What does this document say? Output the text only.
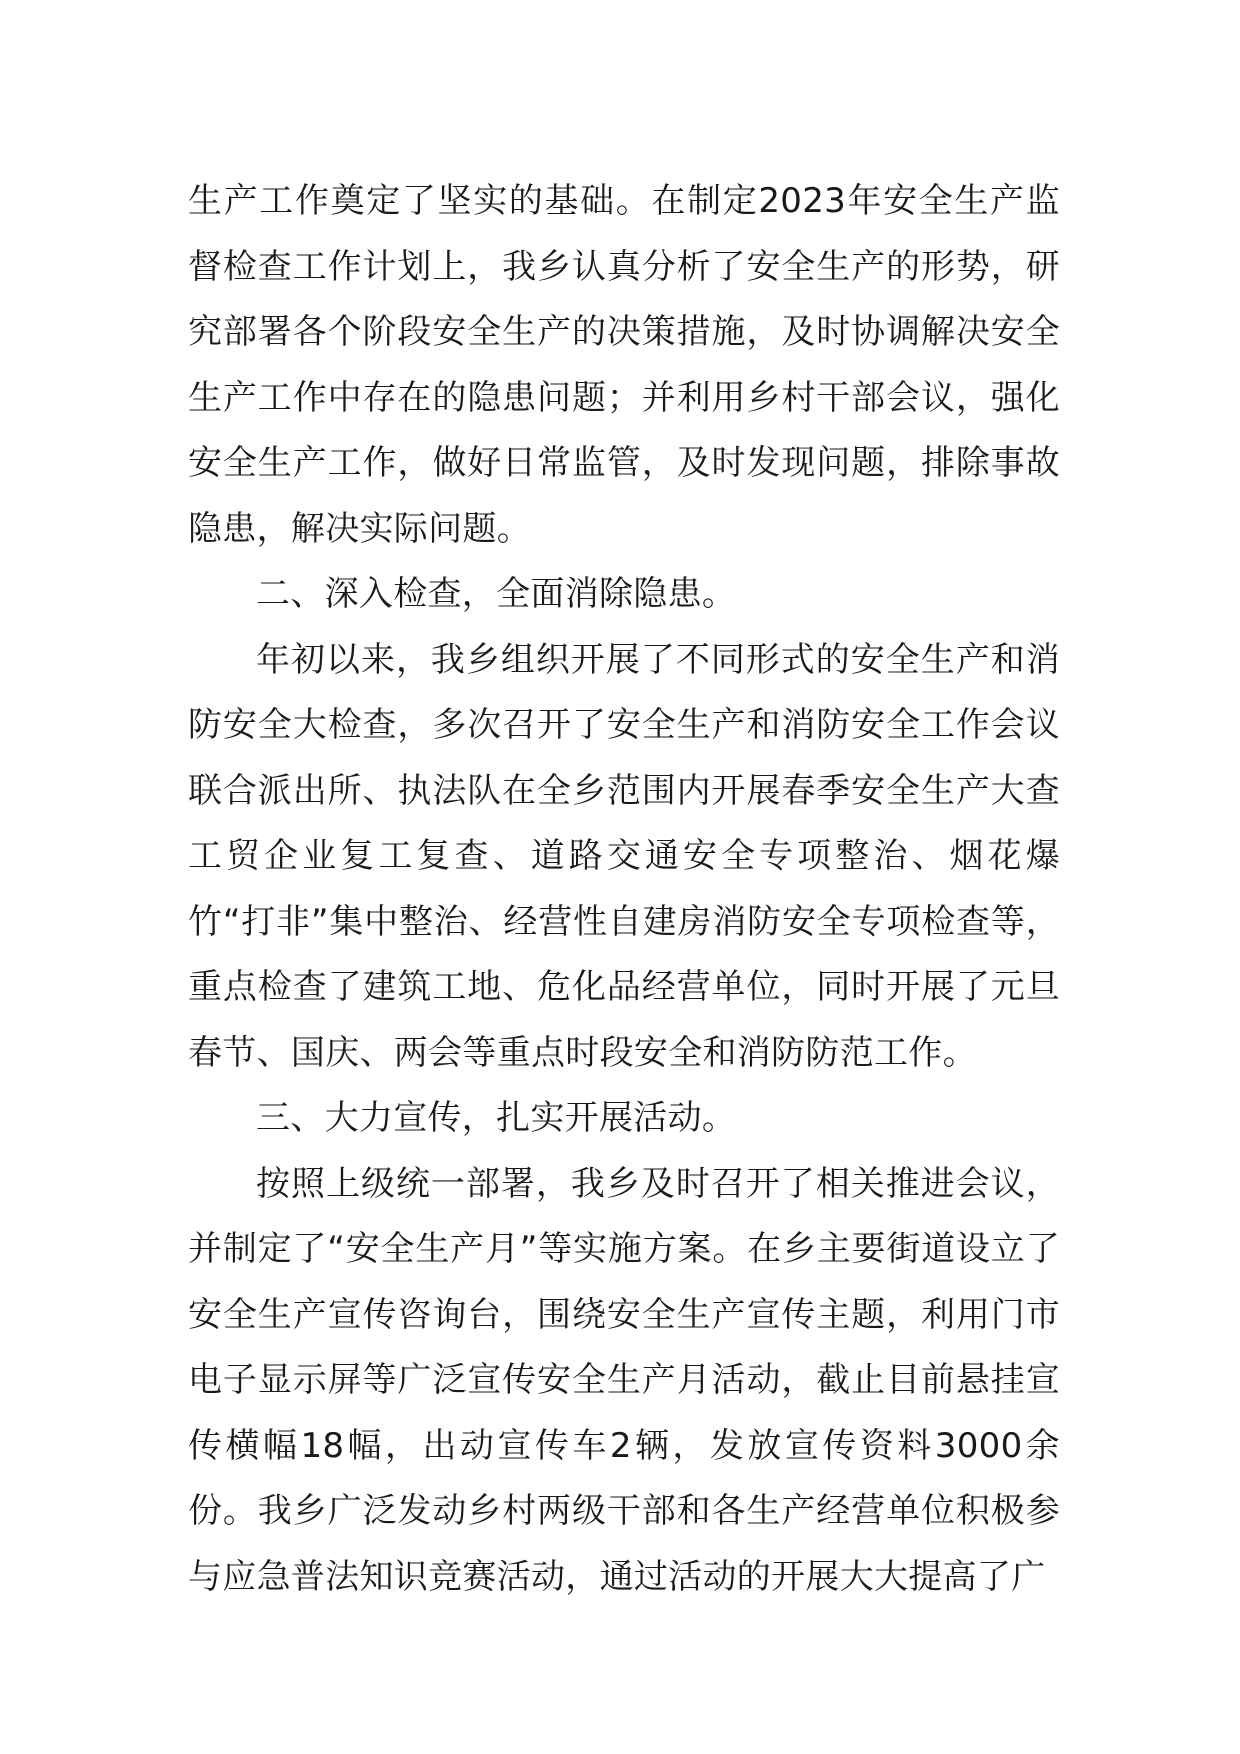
生产工作奠定了坚实的基础。在制定2023年安全生产监督检查工作计划上，我乡认真分析了安全生产的形势，研究部署各个阶段安全生产的决策措施，及时协调解决安全生产工作中存在的隐患问题；并利用乡村干部会议，强化安全生产工作，做好日常监管，及时发现问题，排除事故隐患，解决实际问题。

二、深入检查，全面消除隐患。

年初以来，我乡组织开展了不同形式的安全生产和消防安全大检查，多次召开了安全生产和消防安全工作会议联合派出所、执法队在全乡范围内开展春季安全生产大查工贸企业复工复查、道路交通安全专项整治、烟花爆竹“打非”集中整治、经营性自建房消防安全专项检查等，重点检查了建筑工地、危化品经营单位，同时开展了元旦春节、国庆、两会等重点时段安全和消防防范工作。

三、大力宣传，扎实开展活动。

按照上级统一部署，我乡及时召开了相关推进会议，并制定了“安全生产月”等实施方案。在乡主要街道设立了安全生产宣传咨询台，围绕安全生产宣传主题，利用门市电子显示屏等广泛宣传安全生产月活动，截止目前悬挂宣传横幅18幅，出动宣传车2辆，发放宣传资料3000余份。我乡广泛发动乡村两级干部和各生产经营单位积极参与应急普法知识竞赛活动，通过活动的开展大大提高了广
